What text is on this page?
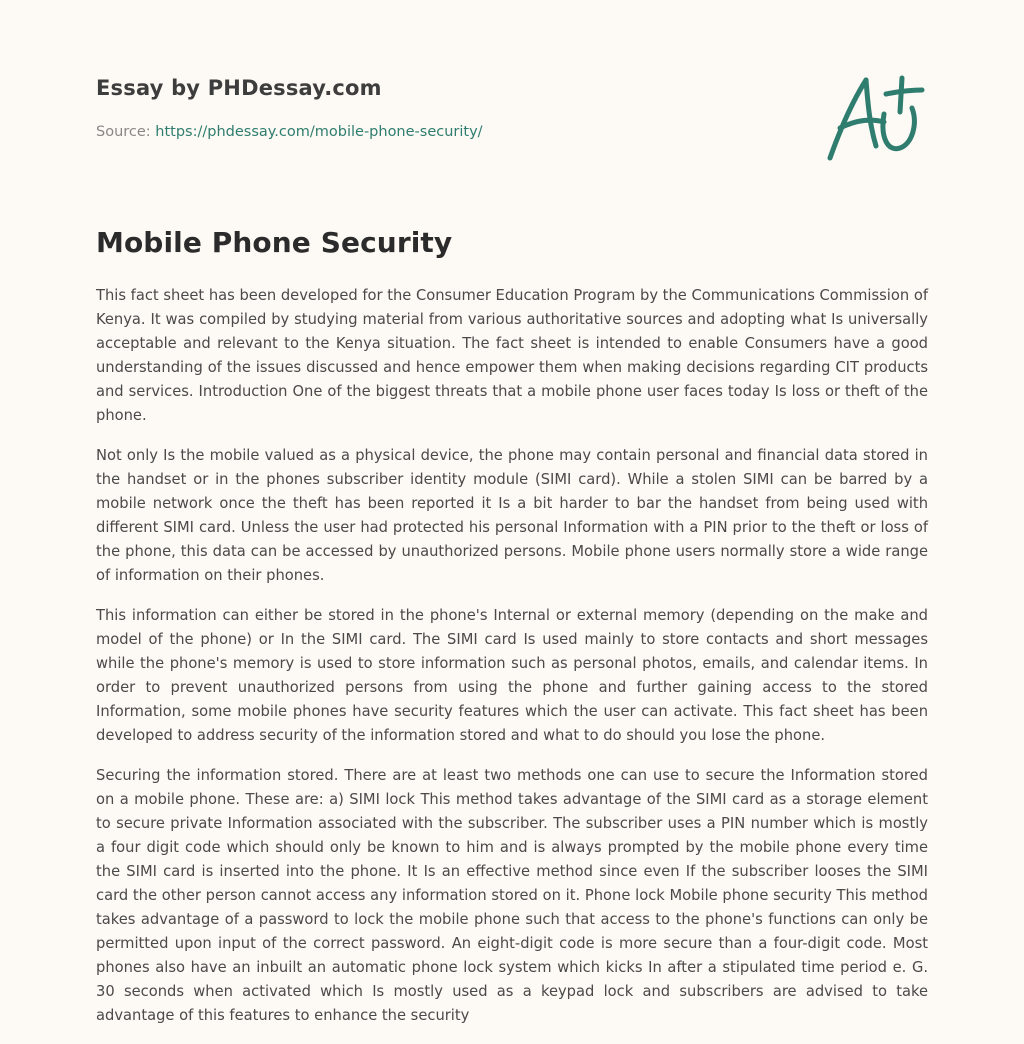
Essay by PHDessay.com
Source: https://phdessay.com/mobile-phone-security/
Mobile Phone Security

This fact sheet has been developed for the Consumer Education Program by the Communications Commission of Kenya. It was compiled by studying material from various authoritative sources and adopting what Is universally acceptable and relevant to the Kenya situation. The fact sheet is intended to enable Consumers have a good understanding of the issues discussed and hence empower them when making decisions regarding CIT products and services. Introduction One of the biggest threats that a mobile phone user faces today Is loss or theft of the phone.

Not only Is the mobile valued as a physical device, the phone may contain personal and financial data stored in the handset or in the phones subscriber identity module (SIMI card). While a stolen SIMI can be barred by a mobile network once the theft has been reported it Is a bit harder to bar the handset from being used with different SIMI card. Unless the user had protected his personal Information with a PIN prior to the theft or loss of the phone, this data can be accessed by unauthorized persons. Mobile phone users normally store a wide range of information on their phones.

This information can either be stored in the phone's Internal or external memory (depending on the make and model of the phone) or In the SIMI card. The SIMI card Is used mainly to store contacts and short messages while the phone's memory is used to store information such as personal photos, emails, and calendar items. In order to prevent unauthorized persons from using the phone and further gaining access to the stored Information, some mobile phones have security features which the user can activate. This fact sheet has been developed to address security of the information stored and what to do should you lose the phone.

Securing the information stored. There are at least two methods one can use to secure the Information stored on a mobile phone. These are: a) SIMI lock This method takes advantage of the SIMI card as a storage element to secure private Information associated with the subscriber. The subscriber uses a PIN number which is mostly a four digit code which should only be known to him and is always prompted by the mobile phone every time the SIMI card is inserted into the phone. It Is an effective method since even If the subscriber looses the SIMI card the other person cannot access any information stored on it. Phone lock Mobile phone security This method takes advantage of a password to lock the mobile phone such that access to the phone's functions can only be permitted upon input of the correct password. An eight-digit code is more secure than a four-digit code. Most phones also have an inbuilt an automatic phone lock system which kicks In after a stipulated time period e. G. 30 seconds when activated which Is mostly used as a keypad lock and subscribers are advised to take advantage of this features to enhance the security
